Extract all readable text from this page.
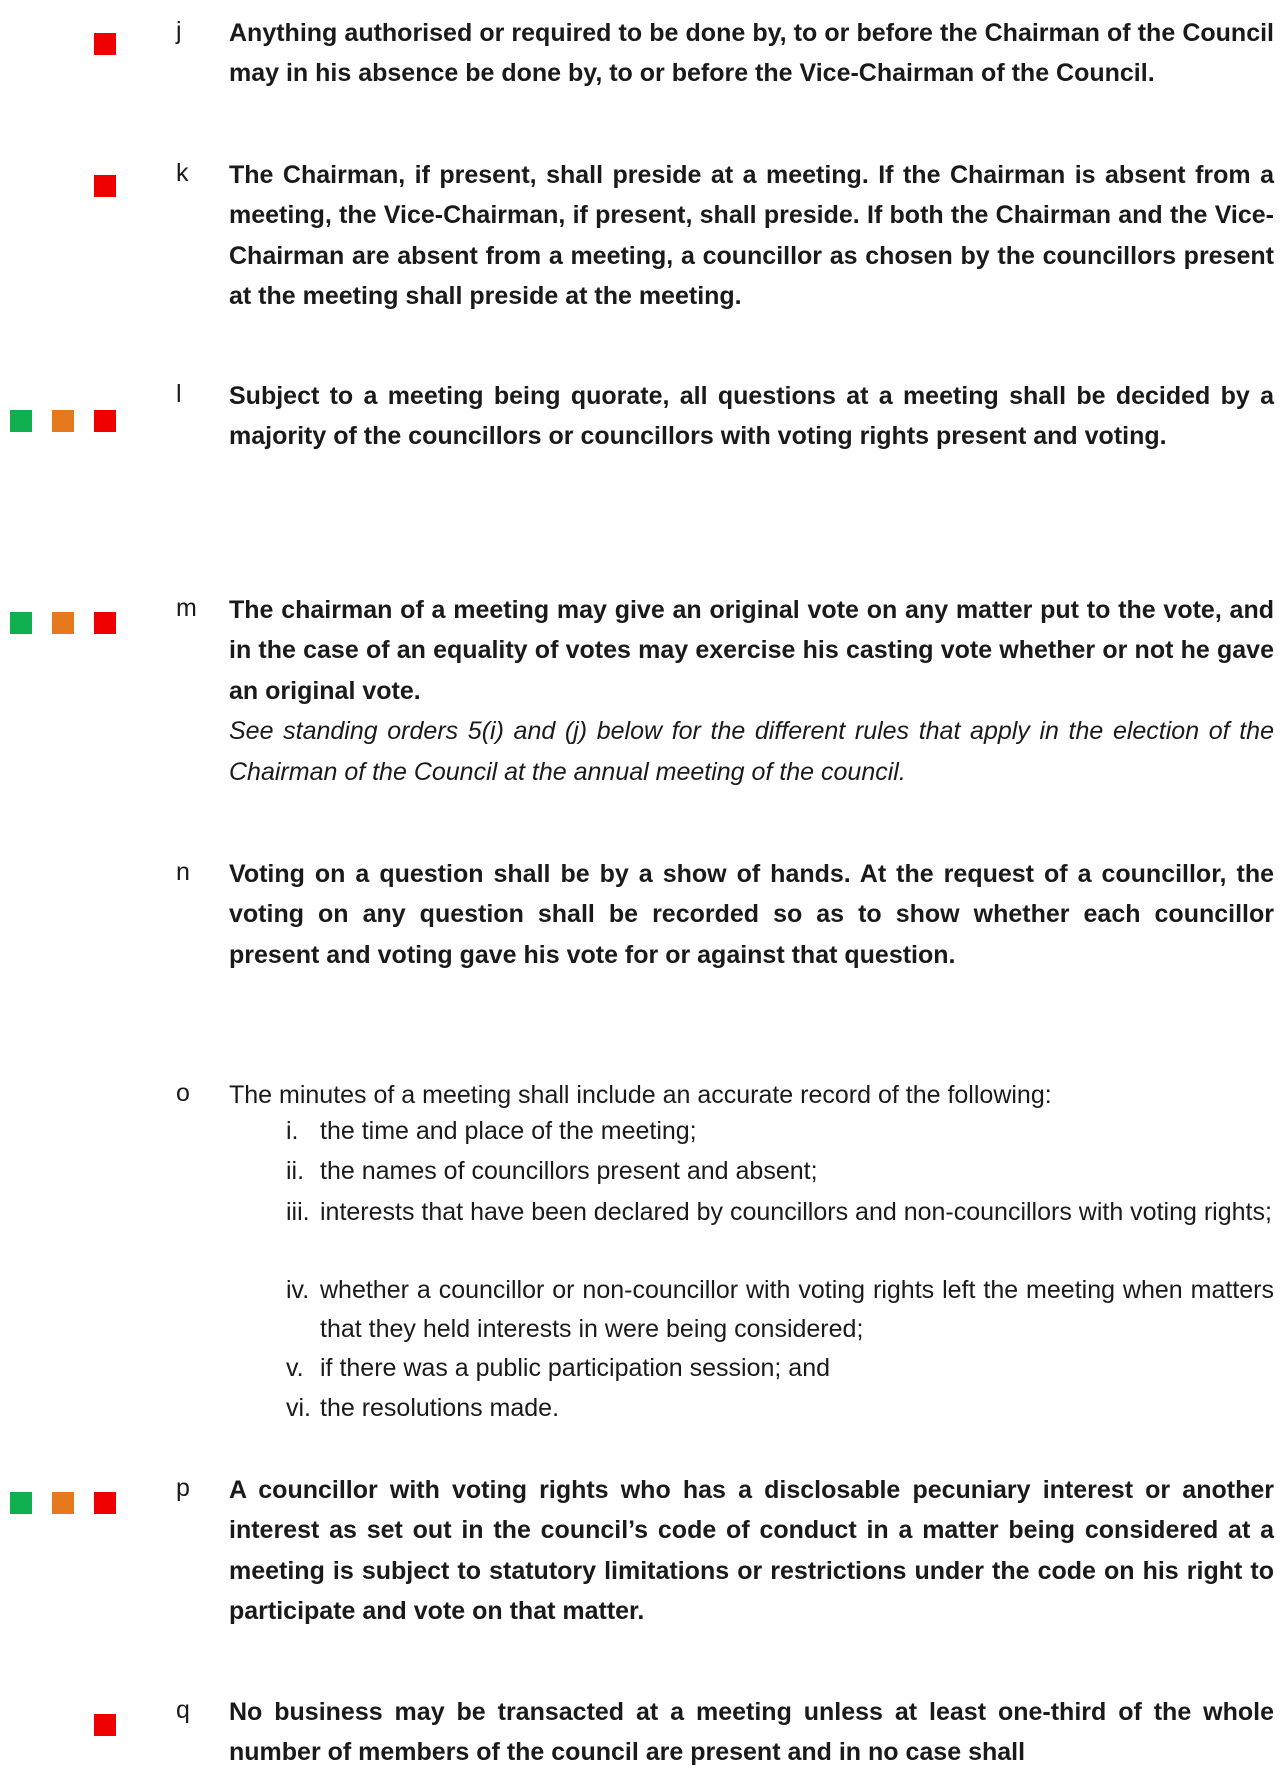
j Anything authorised or required to be done by, to or before the Chairman of the Council may in his absence be done by, to or before the Vice-Chairman of the Council.
k The Chairman, if present, shall preside at a meeting. If the Chairman is absent from a meeting, the Vice-Chairman, if present, shall preside. If both the Chairman and the Vice-Chairman are absent from a meeting, a councillor as chosen by the councillors present at the meeting shall preside at the meeting.
l Subject to a meeting being quorate, all questions at a meeting shall be decided by a majority of the councillors or councillors with voting rights present and voting.
m The chairman of a meeting may give an original vote on any matter put to the vote, and in the case of an equality of votes may exercise his casting vote whether or not he gave an original vote.
See standing orders 5(i) and (j) below for the different rules that apply in the election of the Chairman of the Council at the annual meeting of the council.
n Voting on a question shall be by a show of hands. At the request of a councillor, the voting on any question shall be recorded so as to show whether each councillor present and voting gave his vote for or against that question.
o The minutes of a meeting shall include an accurate record of the following:
i. the time and place of the meeting;
ii. the names of councillors present and absent;
iii. interests that have been declared by councillors and non-councillors with voting rights;
iv. whether a councillor or non-councillor with voting rights left the meeting when matters that they held interests in were being considered;
v. if there was a public participation session; and
vi. the resolutions made.
p A councillor with voting rights who has a disclosable pecuniary interest or another interest as set out in the council’s code of conduct in a matter being considered at a meeting is subject to statutory limitations or restrictions under the code on his right to participate and vote on that matter.
q No business may be transacted at a meeting unless at least one-third of the whole number of members of the council are present and in no case shall
